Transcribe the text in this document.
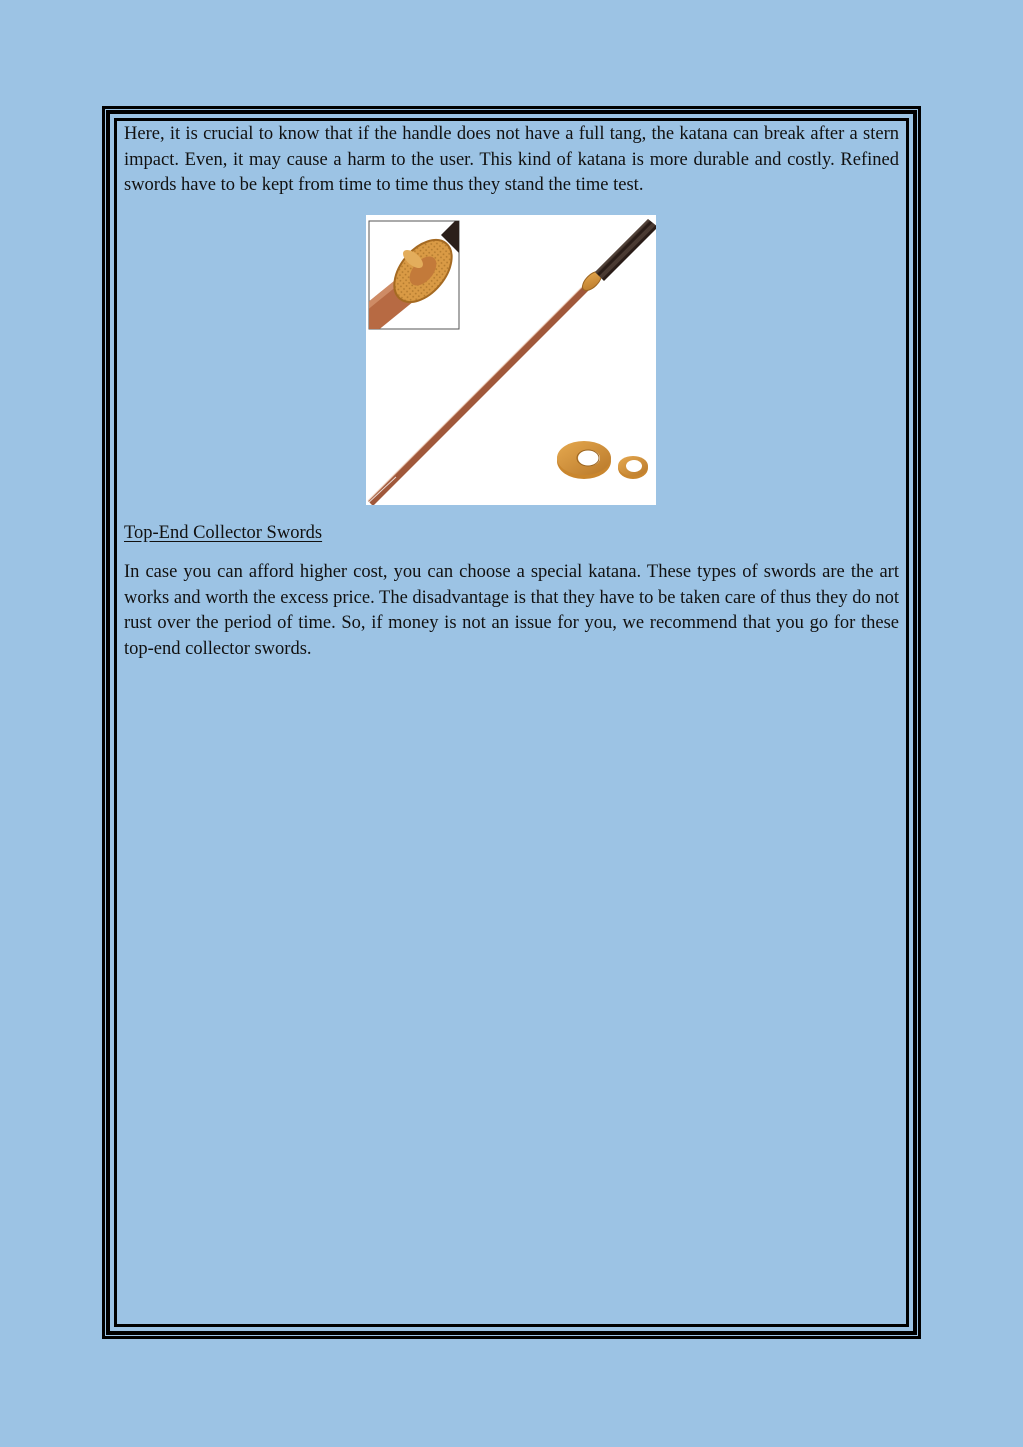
Here, it is crucial to know that if the handle does not have a full tang, the katana can break after a stern impact. Even, it may cause a harm to the user. This kind of katana is more durable and costly. Refined swords have to be kept from time to time thus they stand the time test.

Top-End Collector Swords

In case you can afford higher cost, you can choose a special katana. These types of swords are the art works and worth the excess price. The disadvantage is that they have to be taken care of thus they do not rust over the period of time. So, if money is not an issue for you, we recommend that you go for these top-end collector swords.
